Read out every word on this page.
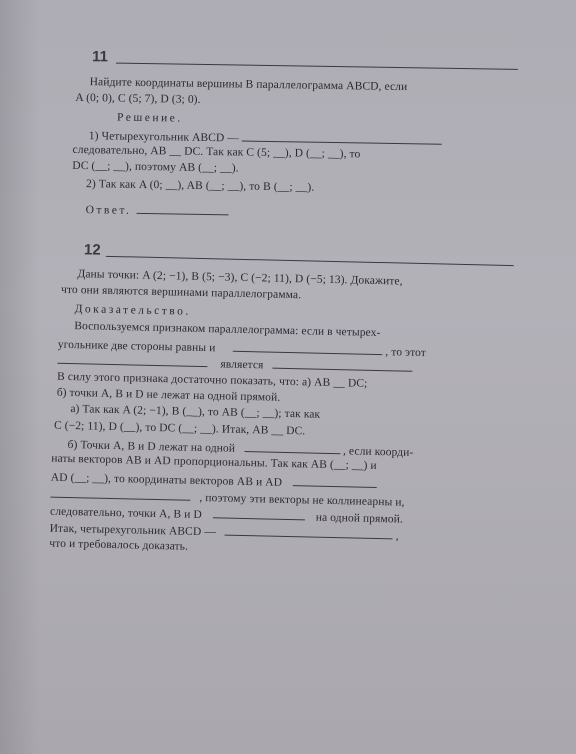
11
Найдите координаты вершины B параллелограмма ABCD, если
A (0; 0), C (5; 7), D (3; 0).
Решение.
1) Четырехугольник ABCD —
следовательно, AB __ DC. Так как C (5; __), D (__; __), то
DC (__; __), поэтому AB (__; __).
2) Так как A (0; __), AB (__; __), то B (__; __).
Ответ.
12
Даны точки: A (2; −1), B (5; −3), C (−2; 11), D (−5; 13). Докажите,
что они являются вершинами параллелограмма.
Доказательство.
Воспользуемся признаком параллелограмма: если в четырех-
угольнике две стороны равны и	, то этот
является
В силу этого признака достаточно показать, что: а) AB __ DC;
б) точки A, B и D не лежат на одной прямой.
а) Так как A (2; −1), B (__), то AB (__; __); так как
C (−2; 11), D (__), то DC (__; __). Итак, AB __ DC.
б) Точки A, B и D лежат на одной	, если коорди-
наты векторов AB и AD пропорциональны. Так как AB (__; __) и
AD (__; __), то координаты векторов AB и AD
, поэтому эти векторы не коллинеарны и,
следовательно, точки A, B и D	на одной прямой.
Итак, четырехугольник ABCD —	,
что и требовалось доказать.
